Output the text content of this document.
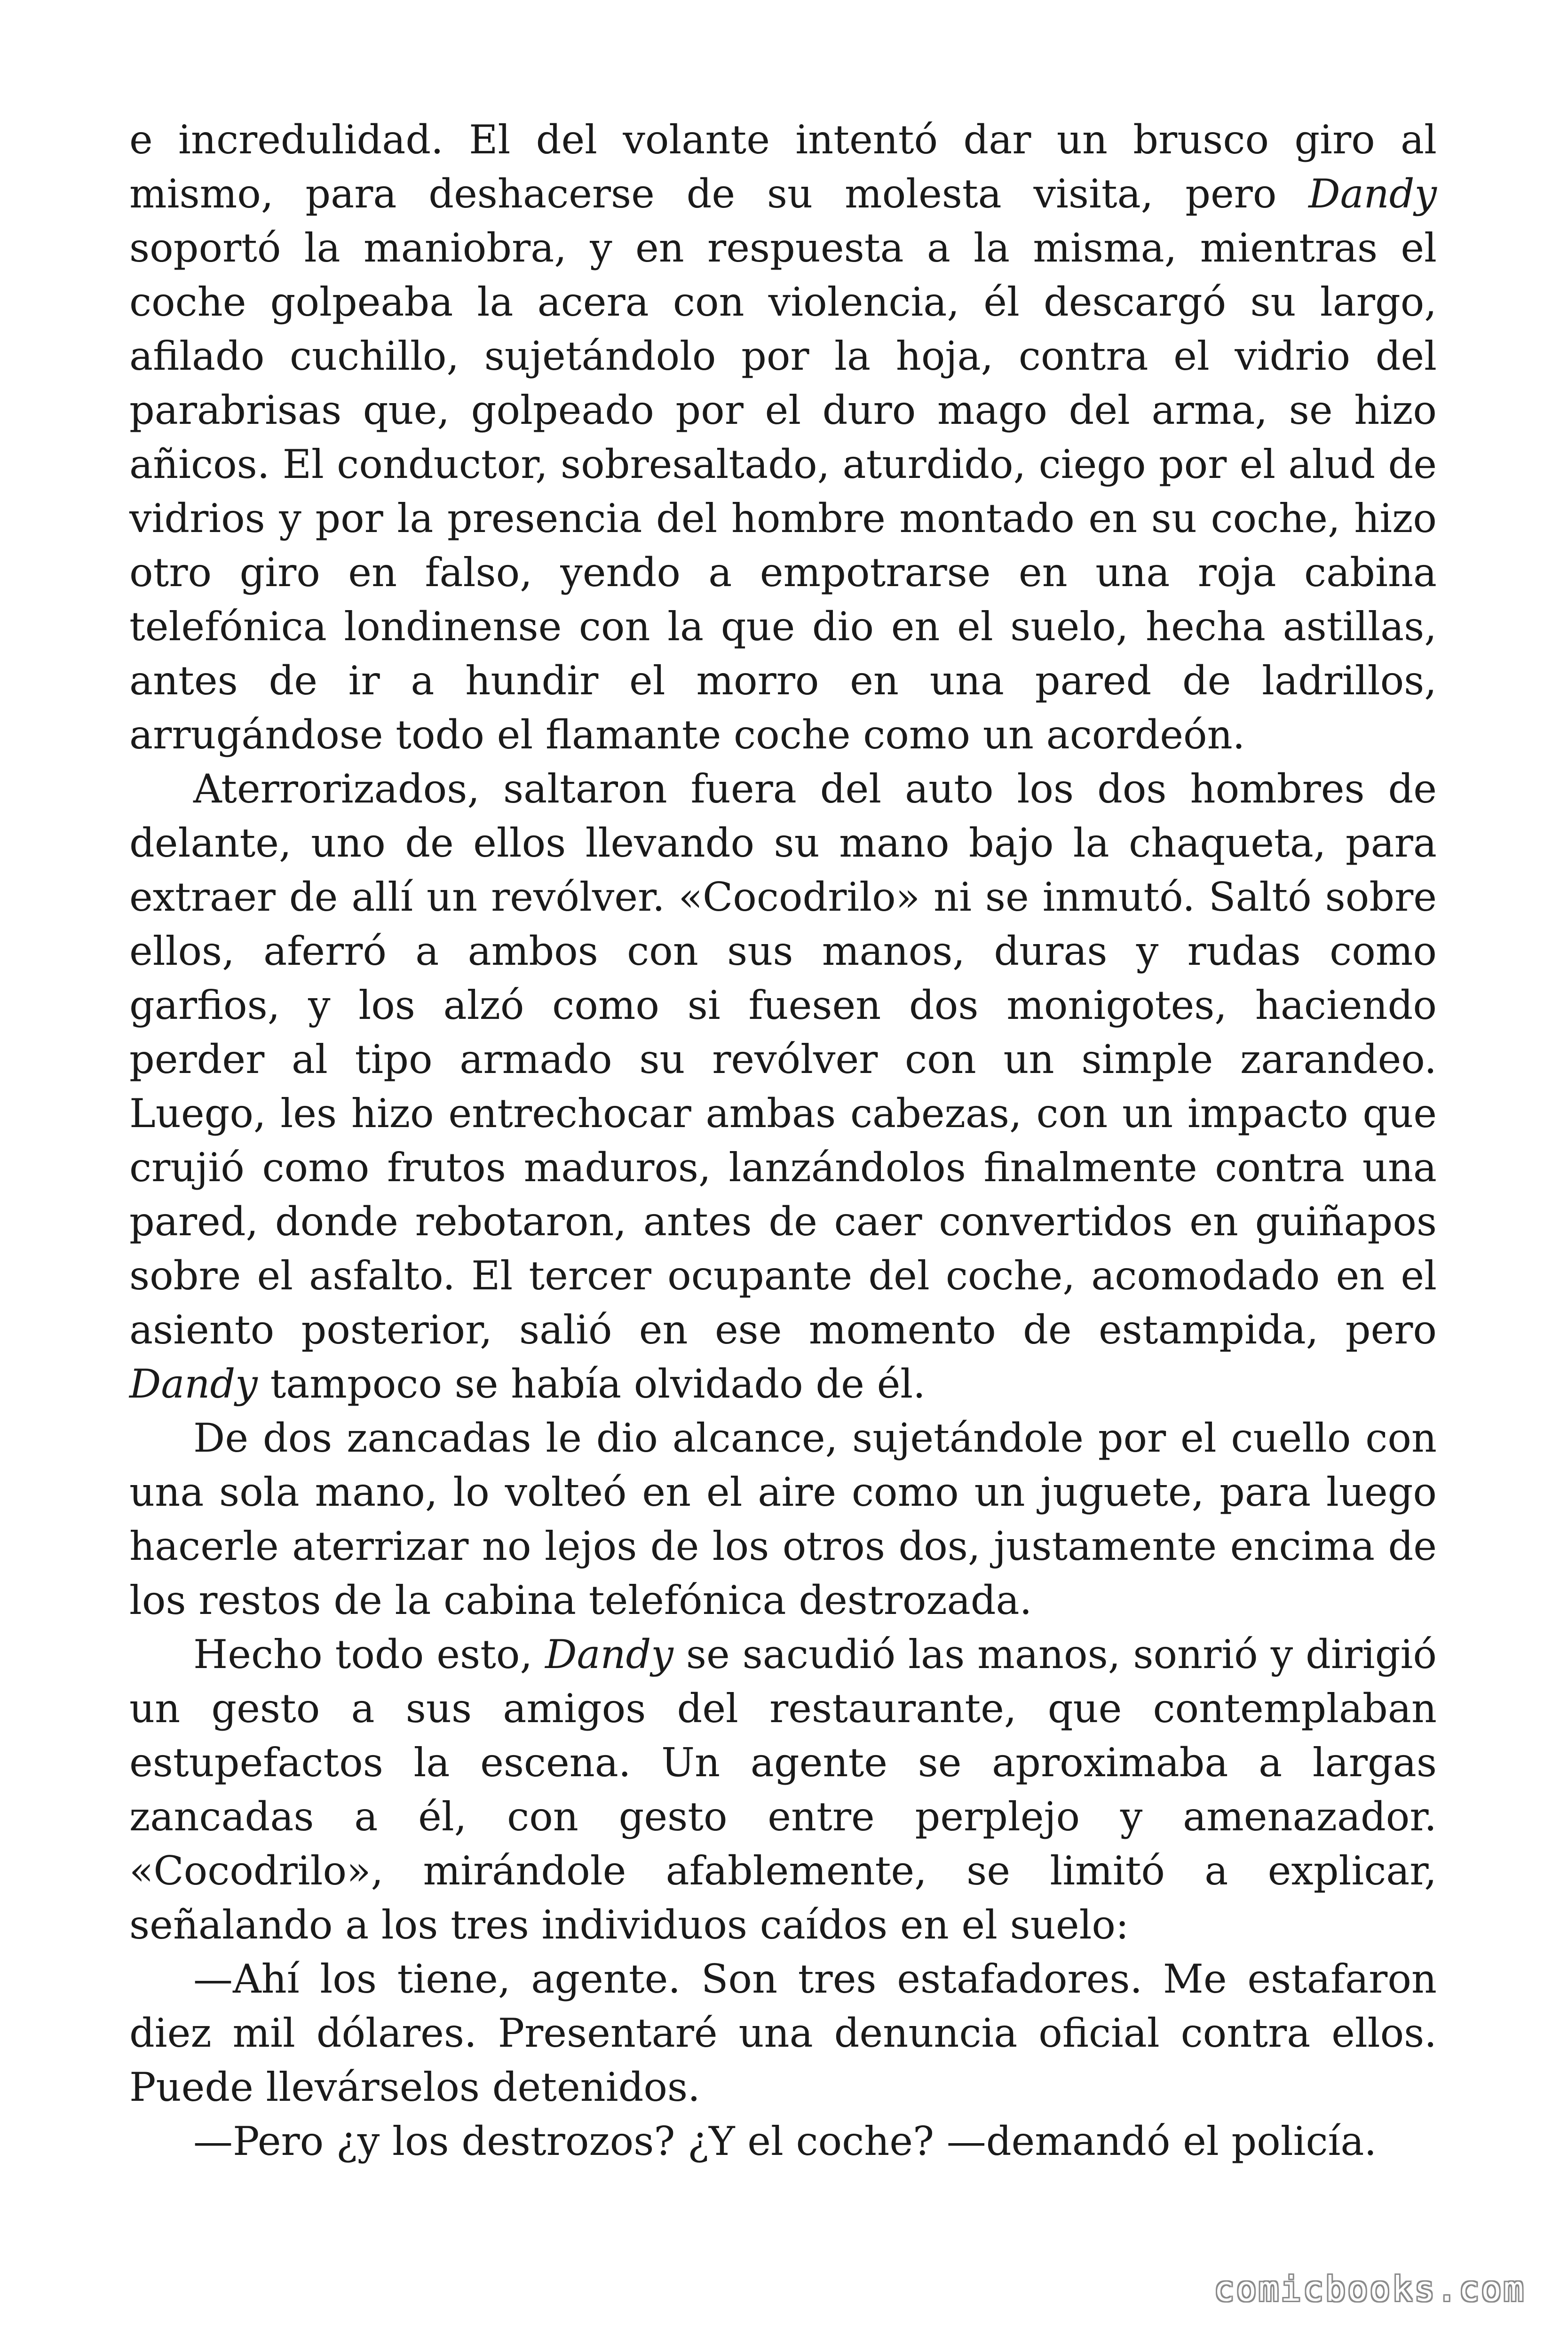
e incredulidad. El del volante intentó dar un brusco giro al mismo, para deshacerse de su molesta visita, pero Dandy soportó la maniobra, y en respuesta a la misma, mientras el coche golpeaba la acera con violencia, él descargó su largo, afilado cuchillo, sujetándolo por la hoja, contra el vidrio del parabrisas que, golpeado por el duro mago del arma, se hizo añicos. El conductor, sobresaltado, aturdido, ciego por el alud de vidrios y por la presencia del hombre montado en su coche, hizo otro giro en falso, yendo a empotrarse en una roja cabina telefónica londinense con la que dio en el suelo, hecha astillas, antes de ir a hundir el morro en una pared de ladrillos, arrugándose todo el flamante coche como un acordeón.

Aterrorizados, saltaron fuera del auto los dos hombres de delante, uno de ellos llevando su mano bajo la chaqueta, para extraer de allí un revólver. «Cocodrilo» ni se inmutó. Saltó sobre ellos, aferró a ambos con sus manos, duras y rudas como garfios, y los alzó como si fuesen dos monigotes, haciendo perder al tipo armado su revólver con un simple zarandeo. Luego, les hizo entrechocar ambas cabezas, con un impacto que crujió como frutos maduros, lanzándolos finalmente contra una pared, donde rebotaron, antes de caer convertidos en guiñapos sobre el asfalto. El tercer ocupante del coche, acomodado en el asiento posterior, salió en ese momento de estampida, pero Dandy tampoco se había olvidado de él.

De dos zancadas le dio alcance, sujetándole por el cuello con una sola mano, lo volteó en el aire como un juguete, para luego hacerle aterrizar no lejos de los otros dos, justamente encima de los restos de la cabina telefónica destrozada.

Hecho todo esto, Dandy se sacudió las manos, sonrió y dirigió un gesto a sus amigos del restaurante, que contemplaban estupefactos la escena. Un agente se aproximaba a largas zancadas a él, con gesto entre perplejo y amenazador. «Cocodrilo», mirándole afablemente, se limitó a explicar, señalando a los tres individuos caídos en el suelo:

—Ahí los tiene, agente. Son tres estafadores. Me estafaron diez mil dólares. Presentaré una denuncia oficial contra ellos. Puede llevárselos detenidos.

—Pero ¿y los destrozos? ¿Y el coche? —demandó el policía.

comicbooks.com
